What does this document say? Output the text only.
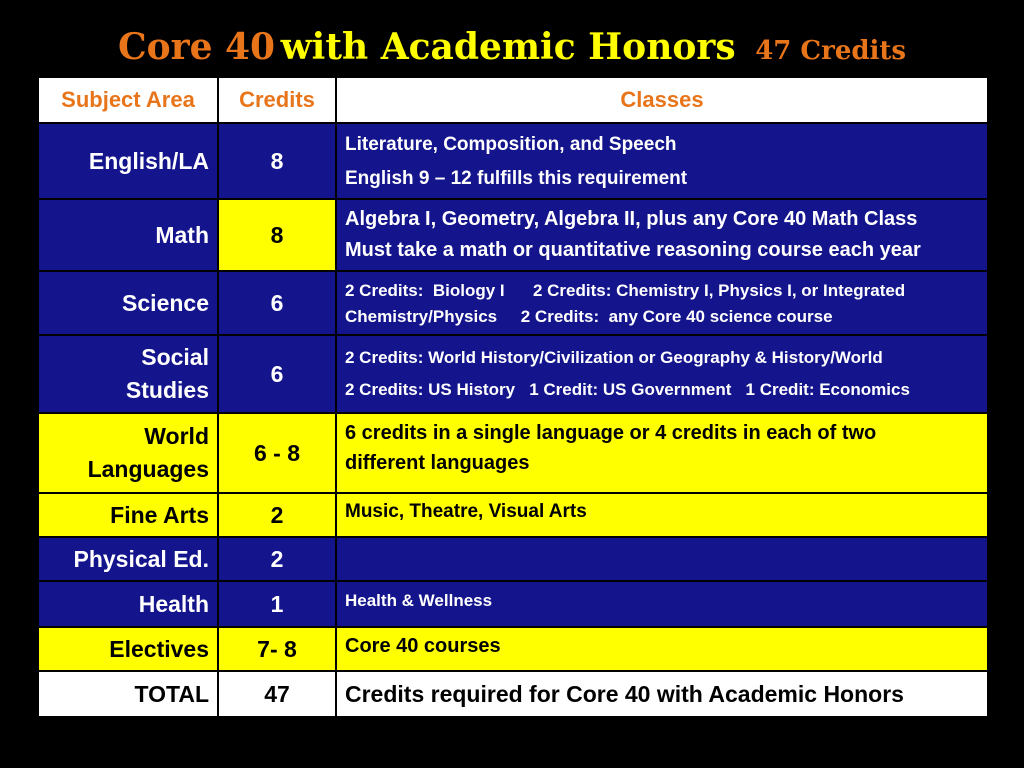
Core 40 with Academic Honors 47 Credits
Subject Area	Credits	Classes
English/LA	8	Literature, Composition, and Speech
English 9 – 12 fulfills this requirement

Math	8	Algebra I, Geometry, Algebra II, plus any Core 40 Math Class
Must take a math or quantitative reasoning course each year

Science	6	2 Credits:  Biology I      2 Credits: Chemistry I, Physics I, or Integrated
Chemistry/Physics     2 Credits:  any Core 40 science course

Social
Studies	6	2 Credits: World History/Civilization or Geography & History/World
2 Credits: US History   1 Credit: US Government   1 Credit: Economics

World
Languages	6 - 8	6 credits in a single language or 4 credits in each of two
different languages

Fine Arts	2	Music, Theatre, Visual Arts

Physical Ed.	2	
Health	1	Health & Wellness

Electives	7- 8	Core 40 courses

TOTAL	47	Credits required for Core 40 with Academic Honors
